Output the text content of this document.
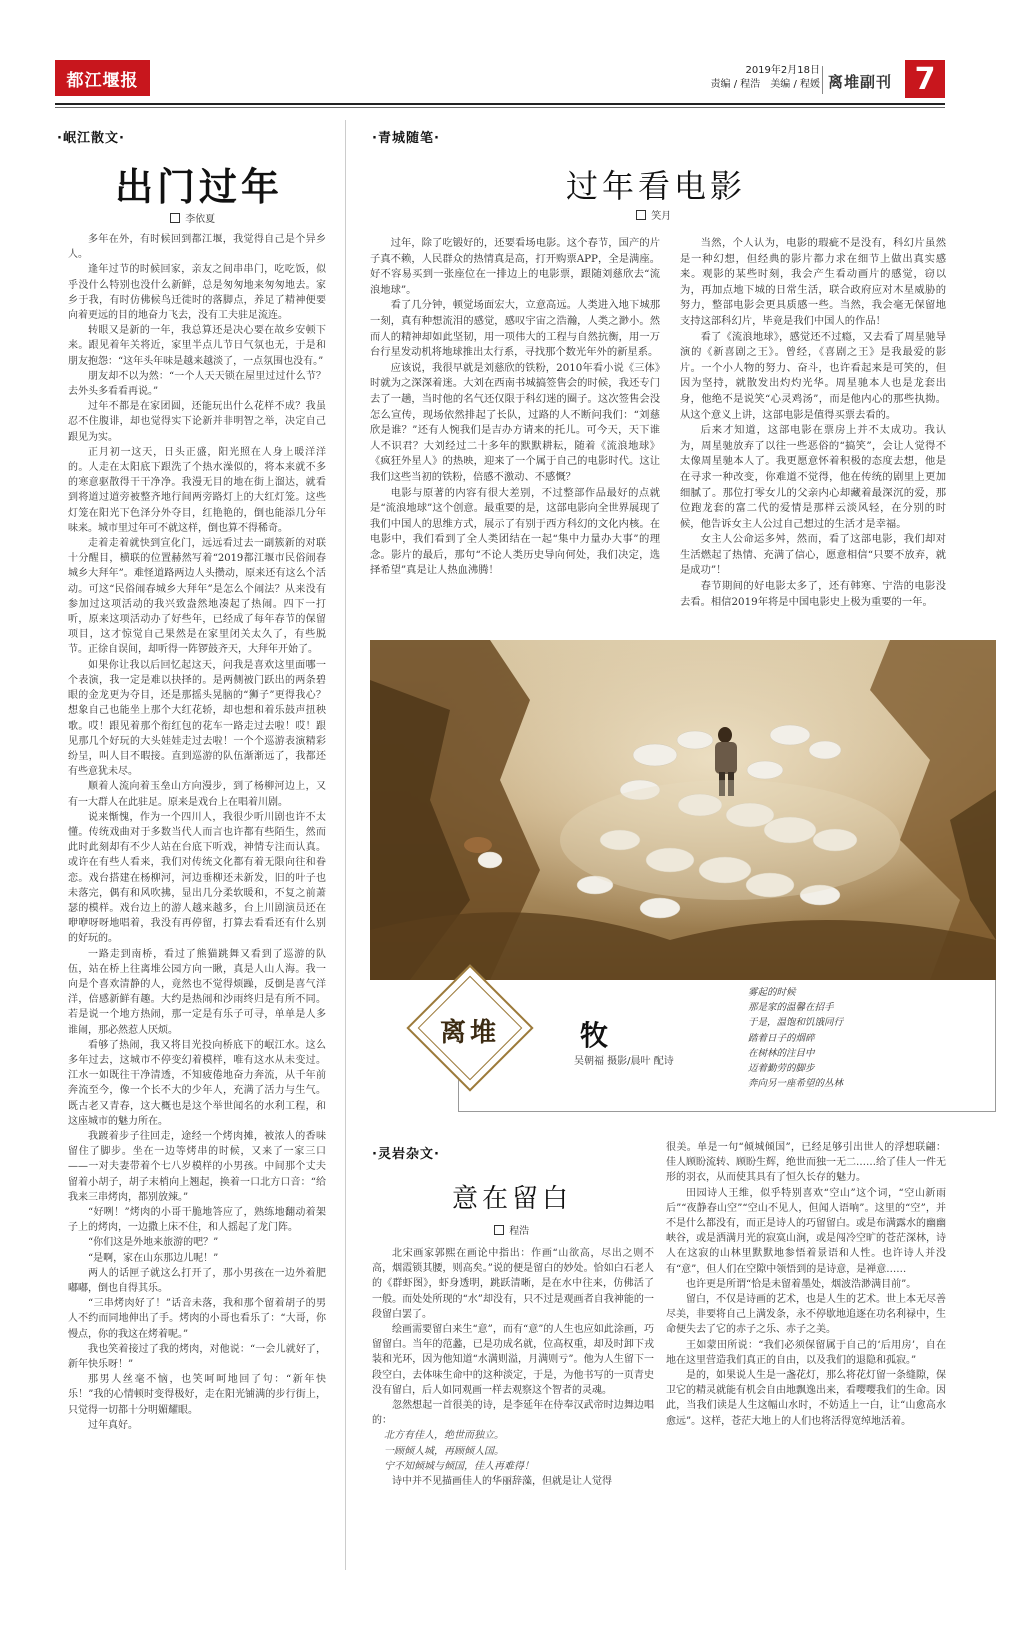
都江堰报	2019年2月18日
责编 / 程浩　美编 / 程媛 离堆副刊 7
·岷江散文·
出门过年
李依夏

多年在外，有时候回到都江堰，我觉得自己是个异乡人。

逢年过节的时候回家，亲友之间串串门，吃吃饭，似乎没什么特别也没什么新鲜，总是匆匆地来匆匆地去。家乡于我，有时仿佛候鸟迁徙时的落脚点，养足了精神便要向着更远的目的地奋力飞去，没有工夫驻足流连。

转眼又是新的一年，我总算还是决心要在故乡安顿下来。跟见着年关将近，家里半点儿节日气氛也无，于是和朋友抱怨：“这年头年味是越来越淡了，一点氛围也没有。”

朋友却不以为然：“一个人天天锁在屋里过过什么节？去外头多看看再说。”

过年不都是在家团圆，还能玩出什么花样不成？我虽忍不住腹诽，却也觉得实下论新并非明智之举，决定自己跟见为实。

正月初一这天，日头正盛，阳光照在人身上暖洋洋的。人走在太阳底下跟洗了个热水澡似的，将本来就不多的寒意驱散得干干净净。我漫无目的地在街上溜达，就看到将道过道旁被整齐地行间两旁路灯上的大红灯笼。这些灯笼在阳光下色泽分外夺目，红艳艳的，倒也能添几分年味来。城市里过年可不就这样，倒也算不得稀奇。

走着走着就快到宣化门，远远看过去一副簇新的对联十分醒目，横联的位置赫然写着“2019都江堰市民俗闹春城乡大拜年”。难怪道路两边人头攒动，原来还有这么个活动。可这“民俗闹春城乡大拜年”是怎么个闹法？从来没有参加过这项活动的我兴致盎然地凑起了热闹。四下一打听，原来这项活动办了好些年，已经成了每年春节的保留项目，这才惊觉自己果然是在家里闭关太久了，有些脱节。正徐自误间，却听得一阵锣鼓齐天，大拜年开始了。

如果你让我以后回忆起这天，问我是喜欢这里面哪一个表演，我一定是难以抉择的。是两侧被门跃出的两条碧眼的金龙更为夺目，还是那摇头晃脑的“狮子”更得我心？想象自己也能坐上那个大红花轿，却也想和着乐鼓声扭秧歌。哎！跟见着那个衔红包的花车一路走过去啦！哎！跟见那几个好玩的大头娃娃走过去啦！一个个巡游表演精彩纷呈，叫人目不暇接。直到巡游的队伍渐渐远了，我都还有些意犹未尽。

顺着人流向着玉垒山方向漫步，到了杨柳河边上，又有一大群人在此驻足。原来是戏台上在唱着川剧。

说来惭愧，作为一个四川人，我很少听川剧也许不太懂。传统戏曲对于多数当代人而言也许都有些陌生，然而此时此刻却有不少人站在台底下听戏，神情专注而认真。或许在有些人看来，我们对传统文化都有着无限向往和眷恋。戏台搭建在杨柳河，河边垂柳还未新发，旧的叶子也未落完，偶有和风吹拂，显出几分柔软暖和，不复之前萧瑟的模样。戏台边上的游人越来越多，台上川剧演员还在咿咿呀呀地唱着，我没有再停留，打算去看看还有什么别的好玩的。

一路走到南桥，看过了熊猫跳舞又看到了巡游的队伍，站在桥上往离堆公园方向一瞅，真是人山人海。我一向是个喜欢清静的人，竟然也不觉得烦躁，反倒是喜气洋洋，倍感新鲜有趣。大约是热闹和沙雨终归是有所不同。若是说一个地方热闹，那一定是有乐子可寻，单单是人多谁闹，那必然惹人厌烦。

看够了热闹，我又将目光投向桥底下的岷江水。这么多年过去，这城市不停变幻着模样，唯有这水从未变过。江水一如既往干净清透，不知疲倦地奋力奔流，从千年前奔流至今，像一个长不大的少年人，充满了活力与生气。既古老又青春，这大概也是这个举世闻名的水利工程，和这座城市的魅力所在。

我踱着步子往回走，途经一个烤肉摊，被浓人的香味留住了脚步。坐在一边等烤串的时候，又来了一家三口——一对夫妻带着个七八岁模样的小男孩。中间那个丈夫留着小胡子，胡子末梢向上翘起，换着一口北方口音：“给我来三串烤肉，都别放辣。”

“好咧！”烤肉的小哥干脆地答应了，熟练地翻动着架子上的烤肉，一边撒上床不住，和人摇起了龙门阵。

“你们这是外地来旅游的吧？”

“是啊，家在山东那边儿呢！”

两人的话匣子就这么打开了，那小男孩在一边外着肥嘟嘟，倒也自得其乐。

“三串烤肉好了！”话音未落，我和那个留着胡子的男人不约而同地伸出了手。烤肉的小哥也看乐了：“大哥，你慢点，你的我这在烤着呢。”

我也笑着接过了我的烤肉，对他说：“一会儿就好了，新年快乐呀！”

那男人丝毫不恼，也笑呵呵地回了句：“新年快乐！”我的心情顿时变得极好，走在阳光铺满的步行街上，只觉得一切都十分明媚耀眼。

过年真好。

·青城随笔·
过年看电影
笑月

过年，除了吃锻好的，还要看场电影。这个春节，国产的片子真不赖，人民群众的热情真是高，打开购票APP，全是满座。好不容易买到一张座位在一排边上的电影票，跟随刘慈欣去“流浪地球”。

看了几分钟，顿觉场面宏大，立意高远。人类进入地下城那一刻，真有种想流泪的感觉，感叹宇宙之浩瀚，人类之渺小。然而人的精神却如此坚韧，用一项伟大的工程与自然抗衡，用一万台行星发动机将地球推出太行系，寻找那个数光年外的新星系。

应该说，我很早就是刘慈欣的铁粉，2010年看小说《三体》时就为之深深着迷。大刘在西南书城搞签售会的时候，我还专门去了一趟，当时他的名气还仅限于科幻迷的圈子。这次签售会没怎么宣传，现场依然排起了长队，过路的人不断问我们：“刘慈欣是谁？”还有人惋我们是吉办方请来的托儿。可今天，天下谁人不识君？大刘经过二十多年的默默耕耘，随着《流浪地球》《疯狂外星人》的热映，迎来了一个属于自己的电影时代。这让我们这些当初的铁粉，倍感不激动、不感慨？

电影与原著的内容有很大差别，不过整部作品最好的点就是“流浪地球”这个创意。最重要的是，这部电影向全世界展现了我们中国人的思维方式，展示了有别于西方科幻的文化内核。在电影中，我们看到了全人类团结在一起“集中力量办大事”的理念。影片的最后，那句“不论人类历史导向何处，我们决定，选择希望”真是让人热血沸腾！

当然，个人认为，电影的瑕疵不是没有，科幻片虽然是一种幻想，但经典的影片都力求在细节上做出真实感来。观影的某些时刻，我会产生看动画片的感觉，窃以为，再加点地下城的日常生活，联合政府应对木星威胁的努力，整部电影会更具质感一些。当然，我会毫无保留地支持这部科幻片，毕竟是我们中国人的作品！

看了《流浪地球》，感觉还不过瘾，又去看了周星驰导演的《新喜剧之王》。曾经，《喜剧之王》是我最爱的影片。一个小人物的努力、奋斗，也许看起来是可笑的，但因为坚持，就散发出灼灼光华。周星驰本人也是龙套出身，他绝不是说笑“心灵鸡汤”，而是他内心的那些执拗。从这个意义上讲，这部电影是值得买票去看的。

后来才知道，这部电影在票房上并不太成功。我认为，周星驰放弃了以往一些恶俗的“搞笑”，会让人觉得不太像周星驰本人了。我更愿意怀着积极的态度去想，他是在寻求一种改变，你难道不觉得，他在传统的剧里上更加细腻了。那位打零女儿的父亲内心却藏着最深沉的爱，那位跑龙套的富二代的爱情是那样云淡风轻，在分别的时候，他告诉女主人公过自己想过的生活才是幸福。

女主人公命运多舛，然而，看了这部电影，我们却对生活燃起了热情、充满了信心，愿意相信“只要不放弃，就是成功”！

春节期间的好电影太多了，还有韩寒、宁浩的电影没去看。相信2019年将是中国电影史上极为重要的一年。

离堆	牧
吴朝福 摄影/晨叶 配诗
雾起的时候
那是家的温馨在招手
于是，温饱和饥饿同行
踏着日子的烟碎
在树林的注目中
迈着勤劳的脚步
奔向另一座希望的丛林
·灵岩杂文·
意在留白
程浩

北宋画家郭熙在画论中指出：作画“山欲高，尽出之则不高，烟霞锁其腰，则高矣。”说的便是留白的妙处。恰如白石老人的《群虾图》，虾身透明，跳跃清晰，是在水中往来，仿佛活了一般。而处处所现的“水”却没有，只不过是观画者自我神能的一段留白罢了。

绘画需要留白来生“意”，而有“意”的人生也应如此涂画，巧留留白。当年的范蠡，已是功成名就，位高权重，却及时卸下戎装和光环，因为他知道“水满则溢，月满则亏”。他为人生留下一段空白，去体味生命中的这种淡定，于是，为他书写的一页青史没有留白，后人如同观画一样去观察这个智者的灵魂。

忽然想起一首很美的诗，是李延年在侍奉汉武帝时边舞边唱的：

北方有佳人，绝世而独立。

一顾倾人城，再顾倾人国。

宁不知倾城与倾国，佳人再难得！

诗中并不见描画佳人的华丽辞藻，但就是让人觉得

很美。单是一句“倾城倾国”，已经足够引出世人的浮想联翩：佳人顾盼流转、顾盼生辉，绝世而独一无二……给了佳人一件无形的羽衣，从而使其具有了恒久长存的魅力。

田园诗人王维，似乎特别喜欢“空山”这个词，“空山新雨后”“夜静春山空”“空山不见人，但闻人语响”。这里的“空”，并不是什么都没有，而正是诗人的巧留留白。或是布满露水的幽幽峡谷，或是洒满月光的寂寞山涧，或是闯冷空旷的苍茫深林，诗人在这寂的山林里默默地参悟着景语和人性。也许诗人并没有“意”，但人们在空隙中领悟到的是诗意，是禅意……

也许更是所谓“恰是未留着墨处，烟波浩渺满目前”。

留白，不仅是诗画的艺术，也是人生的艺术。世上本无尽善尽美，非要将自己上满发条，永不停歇地追逐在功名利禄中，生命便失去了它的赤子之乐、赤子之美。

王如蒙田所说：“我们必须保留属于自己的‘后用房’，自在地在这里营造我们真正的自由，以及我们的退隐和孤寂。”

是的，如果说人生是一盏花灯，那么将花灯留一条缝隙，保卫它的精灵就能有机会自由地飘逸出来，看嘤嘤我们的生命。因此，当我们读是人生这幅山水时，不妨适上一白，让“山愈高水愈远”。这样，苍茫大地上的人们也将活得宽绰地活着。
